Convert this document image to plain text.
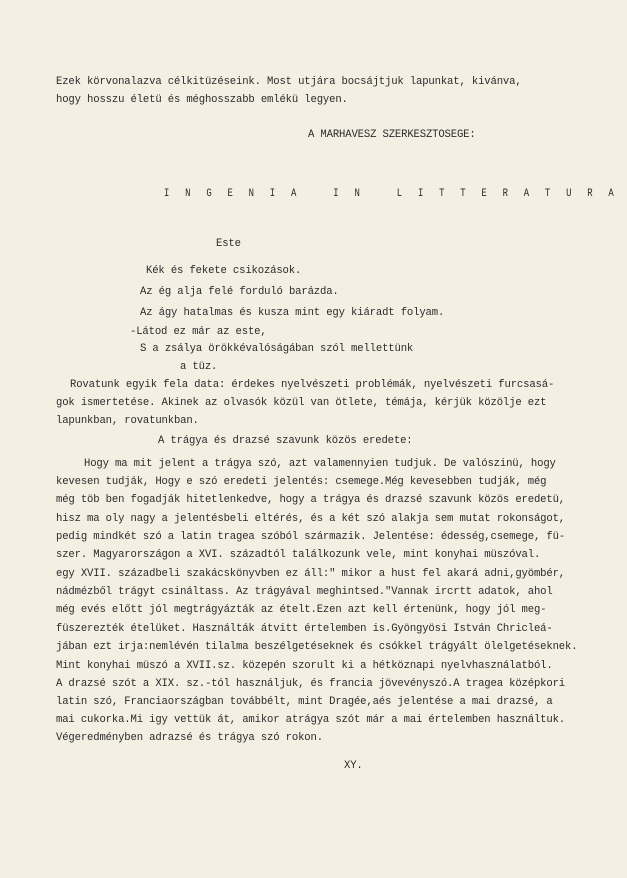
Ezek körvonalazva célkitüzéseink. Most utjára bocsájtjuk lapunkat, kivánva,
hogy hosszu életü és méghosszabb emlékü legyen.
A MARHAVESZ SZERKESZTOSEGE:
I N G E N I A   I N   L I T T E R A T U R A
Este
Kék és fekete csikozások.
Az ég alja felé forduló barázda.
Az ágy hatalmas és kusza mint egy kiáradt folyam.
-Látod ez már az este,
S a zsálya örökkévalóságában szól mellettünk
a tüz.
Rovatunk egyik fela data: érdekes nyelvészeti problémák, nyelvészeti furcsasá-
gok ismertetése. Akinek az olvasók közül van ötlete, témája, kérjük közölje ezt
lapunkban, rovatunkban.
A trágya és drazsé szavunk közös eredete:
Hogy ma mit jelent a trágya szó, azt valamennyien tudjuk. De valószinü, hogy
kevesen tudják, Hogy e szó eredeti jelentés: csemege.Még kevesebben tudják, még
még töb ben fogadják hitetlenkedve, hogy a trágya és drazsé szavunk közös eredetü,
hisz ma oly nagy a jelentésbeli eltérés, és a két szó alakja sem mutat rokonságot,
pedig mindkét szó a latin tragea szóból származik. Jelentése: édesség,csemege, fü-
szer. Magyarországon a XVI. századtól találkozunk vele, mint konyhai müszóval.
egy XVII. századbeli szakácskönyvben ez áll:" mikor a hust fel akará adni,gyömbér,
nádmézből trágyt csináltass. Az trágyával meghintsed."Vannak ircrtt adatok, ahol
még evés előtt jól megtrágyázták az ételt.Ezen azt kell értenünk, hogy jól meg-
füszerezték ételüket. Használták átvitt értelemben is.Gyöngyösi István Chricleá-
jában ezt irja:nemlévén tilalma beszélgetéseknek és csókkel trágyált ölelgetéseknek.
Mint konyhai müszó a XVII.sz. közepén szorult ki a hétköznapi nyelvhasználatból.
A drazsé szót a XIX. sz.-tól használjuk, és francia jövevényszó.A tragea középkori
latin szó, Franciaországban továbbélt, mint Dragée,aés jelentése a mai drazsé, a
mai cukorka.Mi igy vettük át, amikor atrágya szót már a mai értelemben használtuk.
Végeredményben adrazsé és trágya szó rokon.
XY.
